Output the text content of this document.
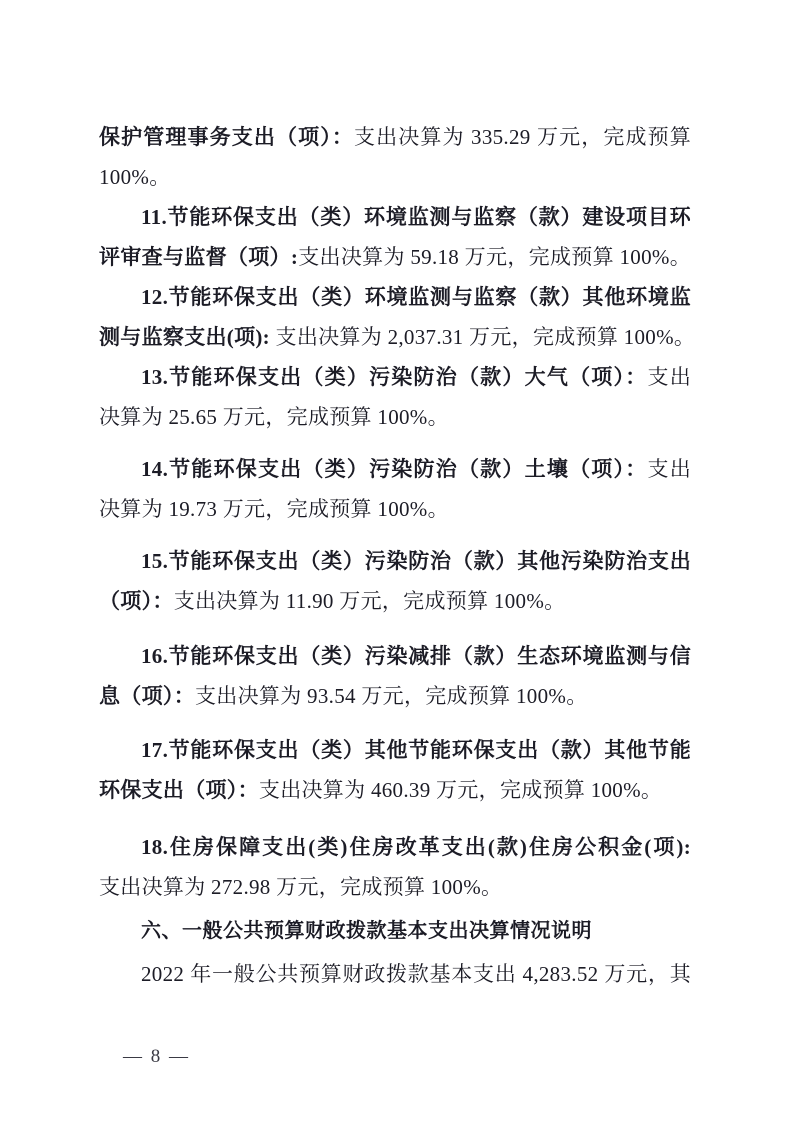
保护管理事务支出（项）：支出决算为 335.29 万元，完成预算
100%。
11.节能环保支出（类）环境监测与监察（款）建设项目环
评审查与监督（项）:支出决算为 59.18 万元，完成预算 100%。
12.节能环保支出（类）环境监测与监察（款）其他环境监
测与监察支出(项): 支出决算为 2,037.31 万元，完成预算 100%。
13.节能环保支出（类）污染防治（款）大气（项）：支出
决算为 25.65 万元，完成预算 100%。
14.节能环保支出（类）污染防治（款）土壤（项）：支出
决算为 19.73 万元，完成预算 100%。
15.节能环保支出（类）污染防治（款）其他污染防治支出
（项）：支出决算为 11.90 万元，完成预算 100%。
16.节能环保支出（类）污染减排（款）生态环境监测与信
息（项）：支出决算为 93.54 万元，完成预算 100%。
17.节能环保支出（类）其他节能环保支出（款）其他节能
环保支出（项）：支出决算为 460.39 万元，完成预算 100%。
18.住房保障支出(类)住房改革支出(款)住房公积金(项):
支出决算为 272.98 万元，完成预算 100%。
六、一般公共预算财政拨款基本支出决算情况说明
2022 年一般公共预算财政拨款基本支出 4,283.52 万元，其
— 8 —
